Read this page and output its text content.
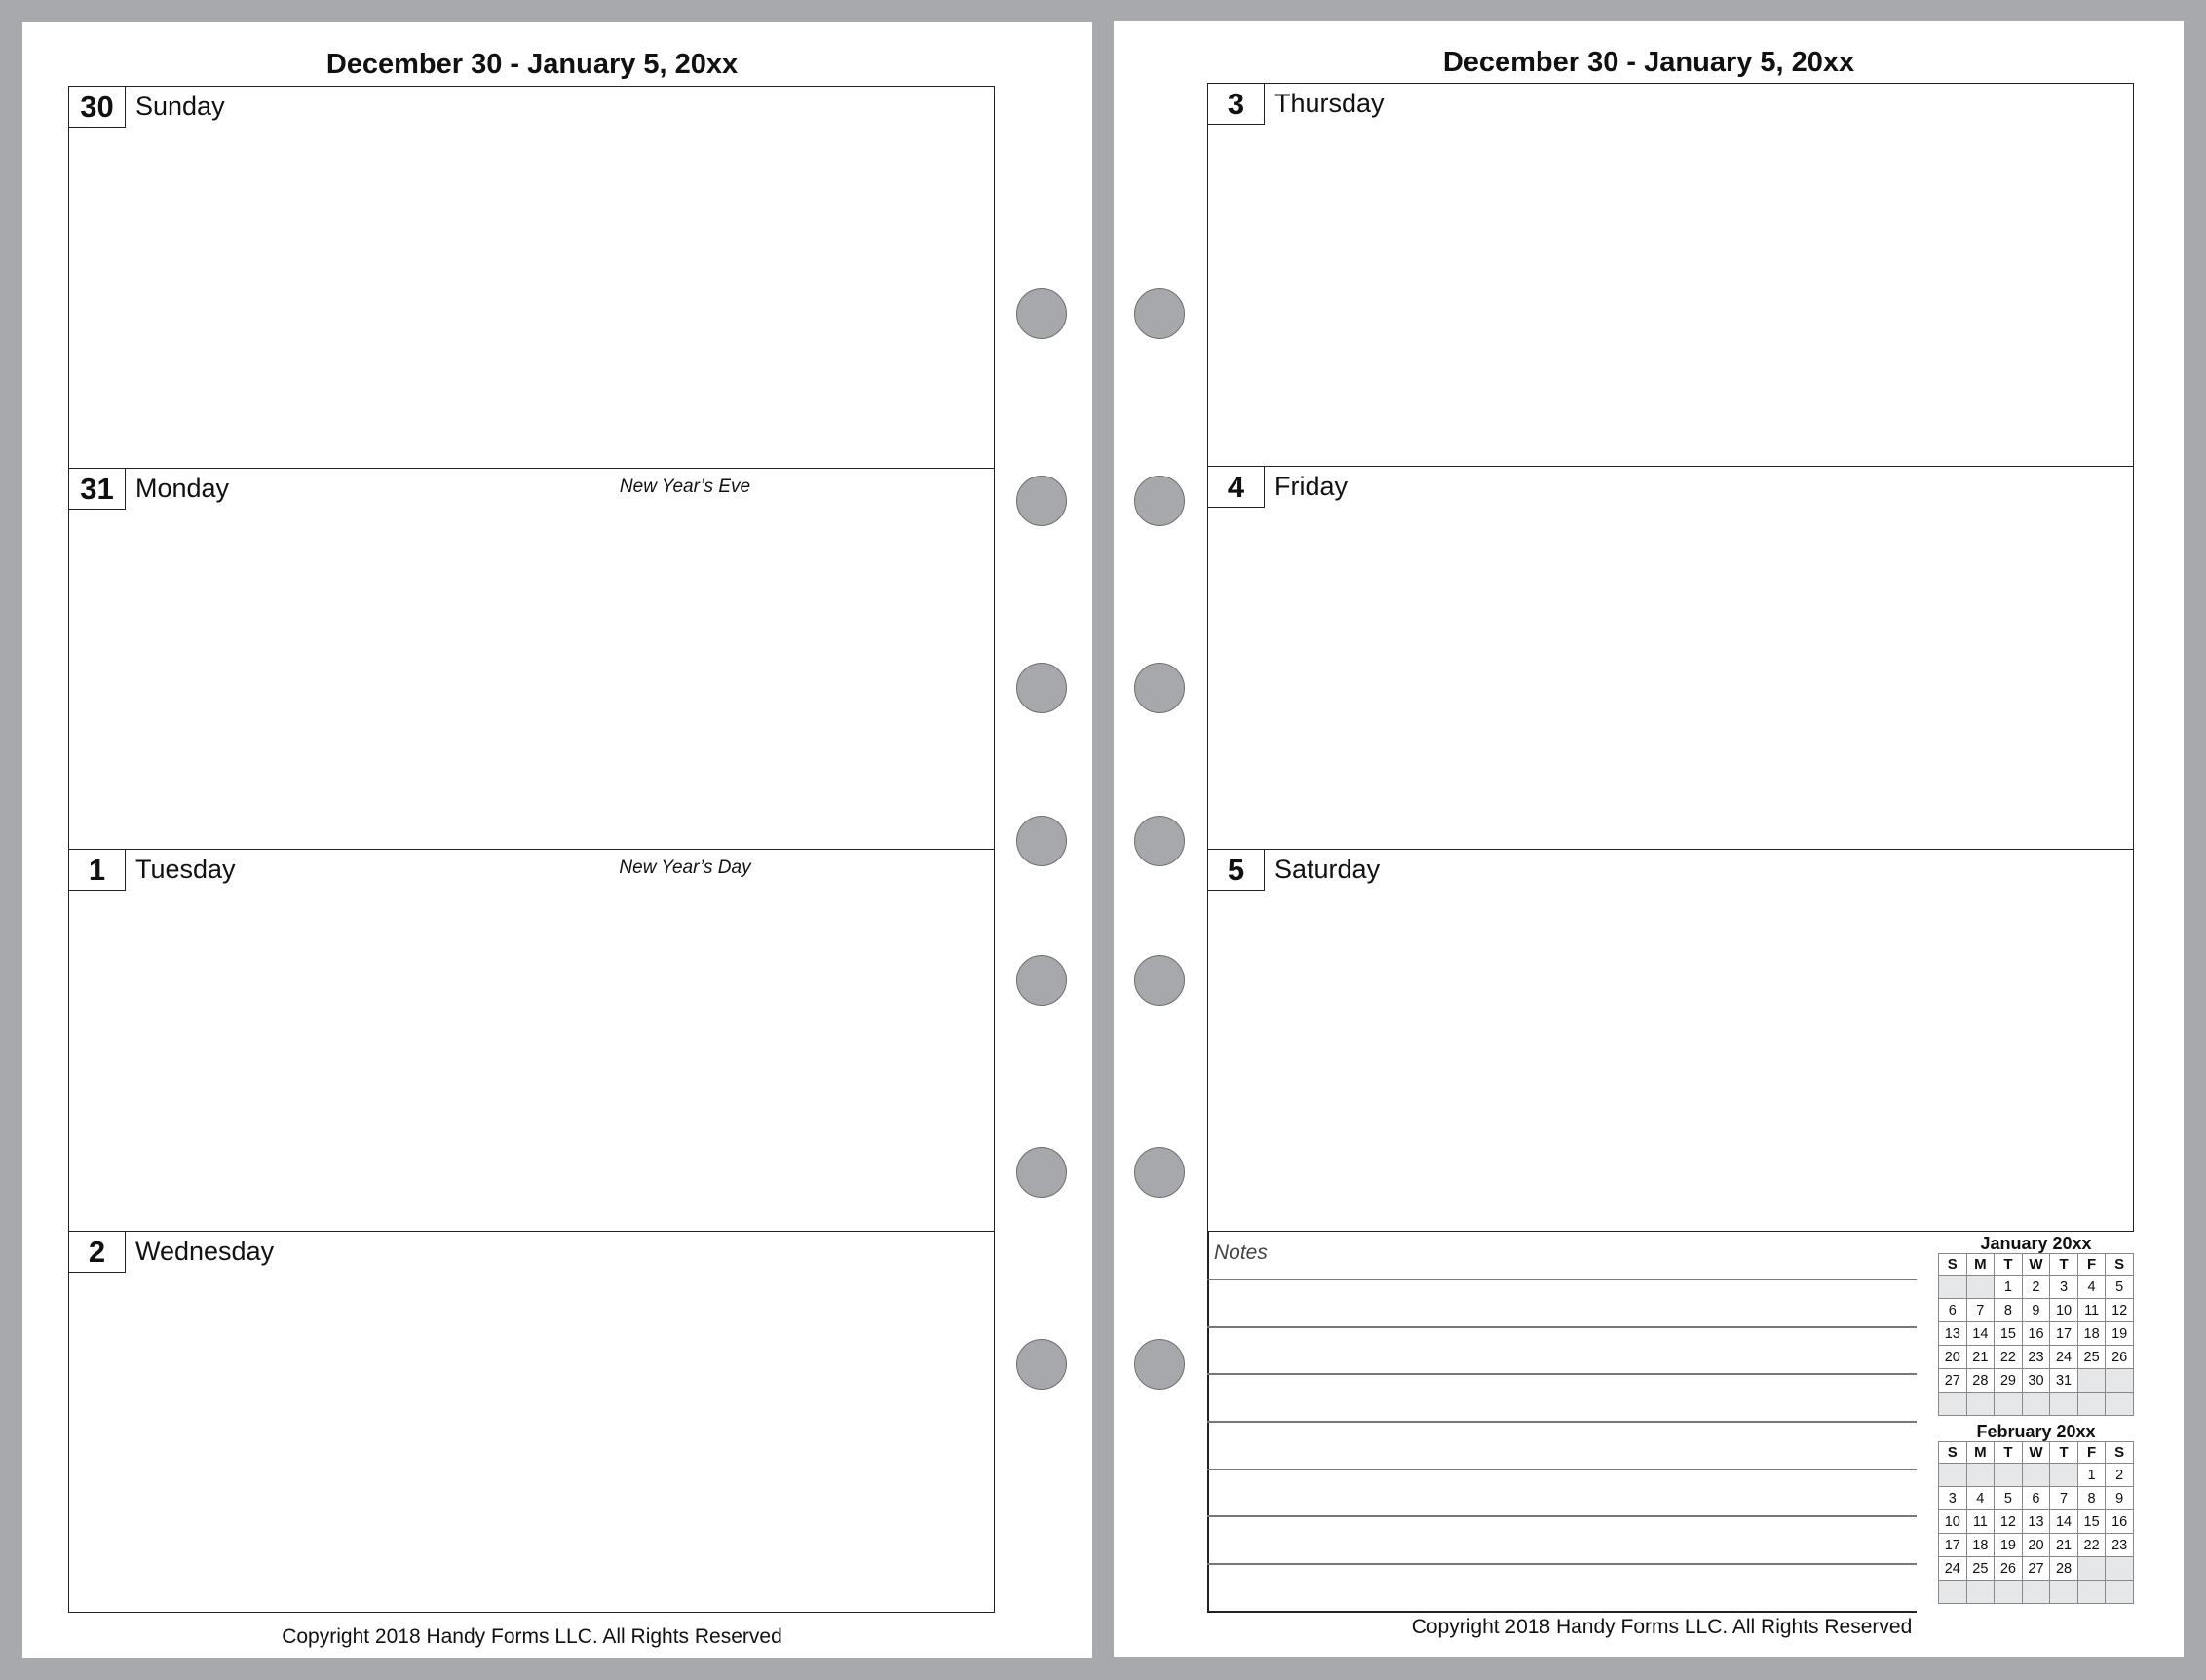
December 30 - January 5, 20xx
30 Sunday
31 Monday	New Year’s Eve
1	Tuesday	New Year’s Day
2	Wednesday
Copyright 2018 Handy Forms LLC. All Rights Reserved
December 30 - January 5, 20xx
3	Thursday
4	Friday
5	Saturday
Notes	January 20xx
S	M	T	W	T	F	S
		1	2	3	4	5
6	7	8	9	10	11	12
13	14	15	16	17	18	19
20	21	22	23	24	25	26
27	28	29	30	31		

February 20xx
S	M	T	W	T	F	S
					1	2
3	4	5	6	7	8	9
10	11	12	13	14	15	16
17	18	19	20	21	22	23
24	25	26	27	28		

Copyright 2018 Handy Forms LLC. All Rights Reserved
